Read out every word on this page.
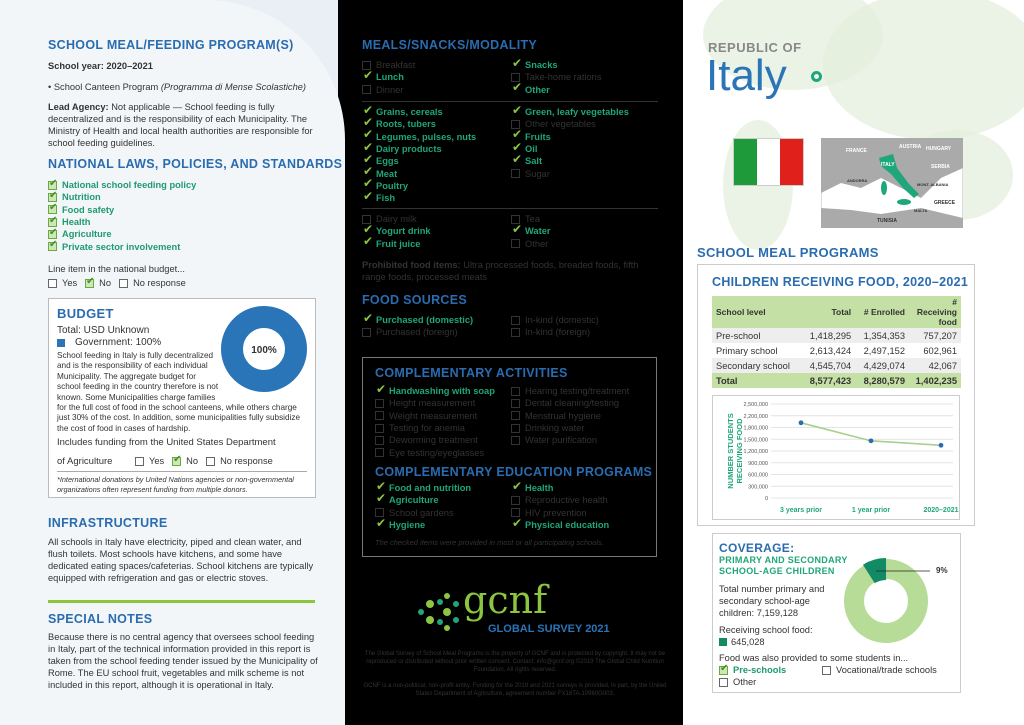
SCHOOL MEAL/FEEDING PROGRAM(S)
School year: 2020–2021
• School Canteen Program (Programma di Mense Scolastiche)
Lead Agency: Not applicable — School feeding is fully decentralized and is the responsibility of each Municipality. The Ministry of Health and local health authorities are responsible for school feeding guidelines.
NATIONAL LAWS, POLICIES, AND STANDARDS
✔
National school feeding policy
✔
Nutrition
✔
Food safety
✔
Health
✔
Agriculture
✔
Private sector involvement
Line item in the national budget...
Yes ✔ No No response
BUDGET
Total: USD Unknown
Government: 100%
100%
School feeding in Italy is fully decentralized and is the responsibility of each individual Municipality. The aggregate budget for school feeding in the country therefore is not known. Some Municipalities charge families for the full cost of food in the school canteens, while others charge just 30% of the cost. In addition, some municipalities fully subsidize the cost of food in cases of hardship.
Includes funding from the United States Department
of Agriculture	Yes ✔ No No response
*International donations by United Nations agencies or non-governmental organizations often represent funding from multiple donors.
INFRASTRUCTURE
All schools in Italy have electricity, piped and clean water, and flush toilets. Most schools have kitchens, and some have dedicated eating spaces/cafeterias. School kitchens are typically equipped with refrigeration and gas or electric stoves.
SPECIAL NOTES
Because there is no central agency that oversees school feeding in Italy, part of the technical information provided in this report is taken from the school feeding tender issued by the Municipality of Rome. The EU school fruit, vegetables and milk scheme is not included in this report, although it is operational in Italy.
MEALS/SNACKS/MODALITY
Breakfast
✔
Lunch
Dinner
✔
Snacks
Take-home rations
✔
Other
✔
Grains, cereals
✔
Roots, tubers
✔
Legumes, pulses, nuts
✔
Dairy products
✔
Eggs
✔
Meat
✔
Poultry
✔
Fish
✔
Green, leafy vegetables
Other vegetables
✔
Fruits
✔
Oil
✔
Salt
Sugar
Dairy milk
✔
Yogurt drink
✔
Fruit juice
Tea
✔
Water
Other
Prohibited food items: Ultra processed foods, breaded foods, fifth range foods, processed meats
FOOD SOURCES
✔
Purchased (domestic)
Purchased (foreign)
In-kind (domestic)
In-kind (foreign)
COMPLEMENTARY ACTIVITIES
✔
Handwashing with soap
Height measurement
Weight measurement
Testing for anemia
Deworming treatment
Eye testing/eyeglasses
Hearing testing/treatment
Dental cleaning/testing
Menstrual hygiene
Drinking water
Water purification
COMPLEMENTARY EDUCATION PROGRAMS
✔
Food and nutrition
✔
Agriculture
School gardens
✔
Hygiene
✔
Health
Reproductive health
HIV prevention
✔
Physical education
The checked items were provided in most or all participating schools.
gcnf
GLOBAL SURVEY 2021
The Global Survey of School Meal Programs is the property of GCNF and is protected by copyright. It may not be reproduced or distributed without prior written consent. Contact: info@gcnf.org ©2019 The Global Child Nutrition Foundation. All rights reserved.
GCNF is a non-political, non-profit entity. Funding for the 2019 and 2021 surveys is provided, in part, by the United States Department of Agriculture, agreement number FX18TA-10960G003.
REPUBLIC OF
Italy
FRANCE
AUSTRIA HUNGARY
ITALY
SPAIN
ANDORRA
SERBIA
MONT. ALBANIA
GREECE
MALTA
TUNISIA
SCHOOL MEAL PROGRAMS
CHILDREN RECEIVING FOOD, 2020–2021
School level	Total	# Enrolled	# Receiving food
Pre-school	1,418,295	1,354,353	757,207
Primary school	2,613,424	2,497,152	602,961
Secondary school	4,545,704	4,429,074	42,067
Total	8,577,423	8,280,579	1,402,235
0
300,000
600,000
900,000
1,200,000
1,500,000
1,800,000
2,200,000
2,500,000
NUMBER STUDENTSRECEIVING FOOD
3 years prior	1 year prior	2020–2021
COVERAGE:
PRIMARY AND SECONDARY SCHOOL-AGE CHILDREN
Total number primary and secondary school-age children: 7,159,128
Receiving school food:
645,028
9%
Food was also provided to some students in...
✔
Pre-schools
Other
Vocational/trade schools
